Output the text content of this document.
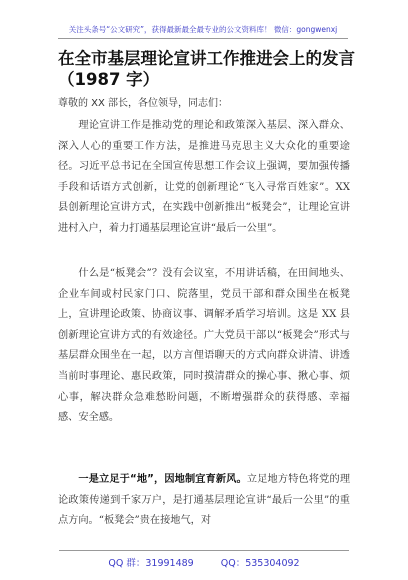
关注头条号“公文研究”，获得最新最全最专业的公文资料库！ 微信：gongwenxj
在全市基层理论宣讲工作推进会上的发言（1987 字）
尊敬的 XX 部长，各位领导，同志们：

理论宣讲工作是推动党的理论和政策深入基层、深入群众、深入人心的重要工作方法，是推进马克思主义大众化的重要途径。习近平总书记在全国宣传思想工作会议上强调，要加强传播手段和话语方式创新，让党的创新理论“飞入寻常百姓家”。XX 县创新理论宣讲方式，在实践中创新推出“板凳会”，让理论宣讲进村入户，着力打通基层理论宣讲“最后一公里”。

什么是“板凳会”？没有会议室，不用讲话稿，在田间地头、企业车间或村民家门口、院落里，党员干部和群众围坐在板凳上，宣讲理论政策、协商议事、调解矛盾学习培训。这是 XX 县创新理论宣讲方式的有效途径。广大党员干部以“板凳会”形式与基层群众围坐在一起，以方言俚语聊天的方式向群众讲清、讲透当前时事理论、惠民政策，同时摸清群众的操心事、揪心事、烦心事，解决群众急难愁盼问题，不断增强群众的获得感、幸福感、安全感。

一是立足于“地”，因地制宜育新风。立足地方特色将党的理论政策传递到千家万户，是打通基层理论宣讲“最后一公里”的重点方向。“板凳会”贵在接地气，对

QQ 群：31991489	QQ：535304092
